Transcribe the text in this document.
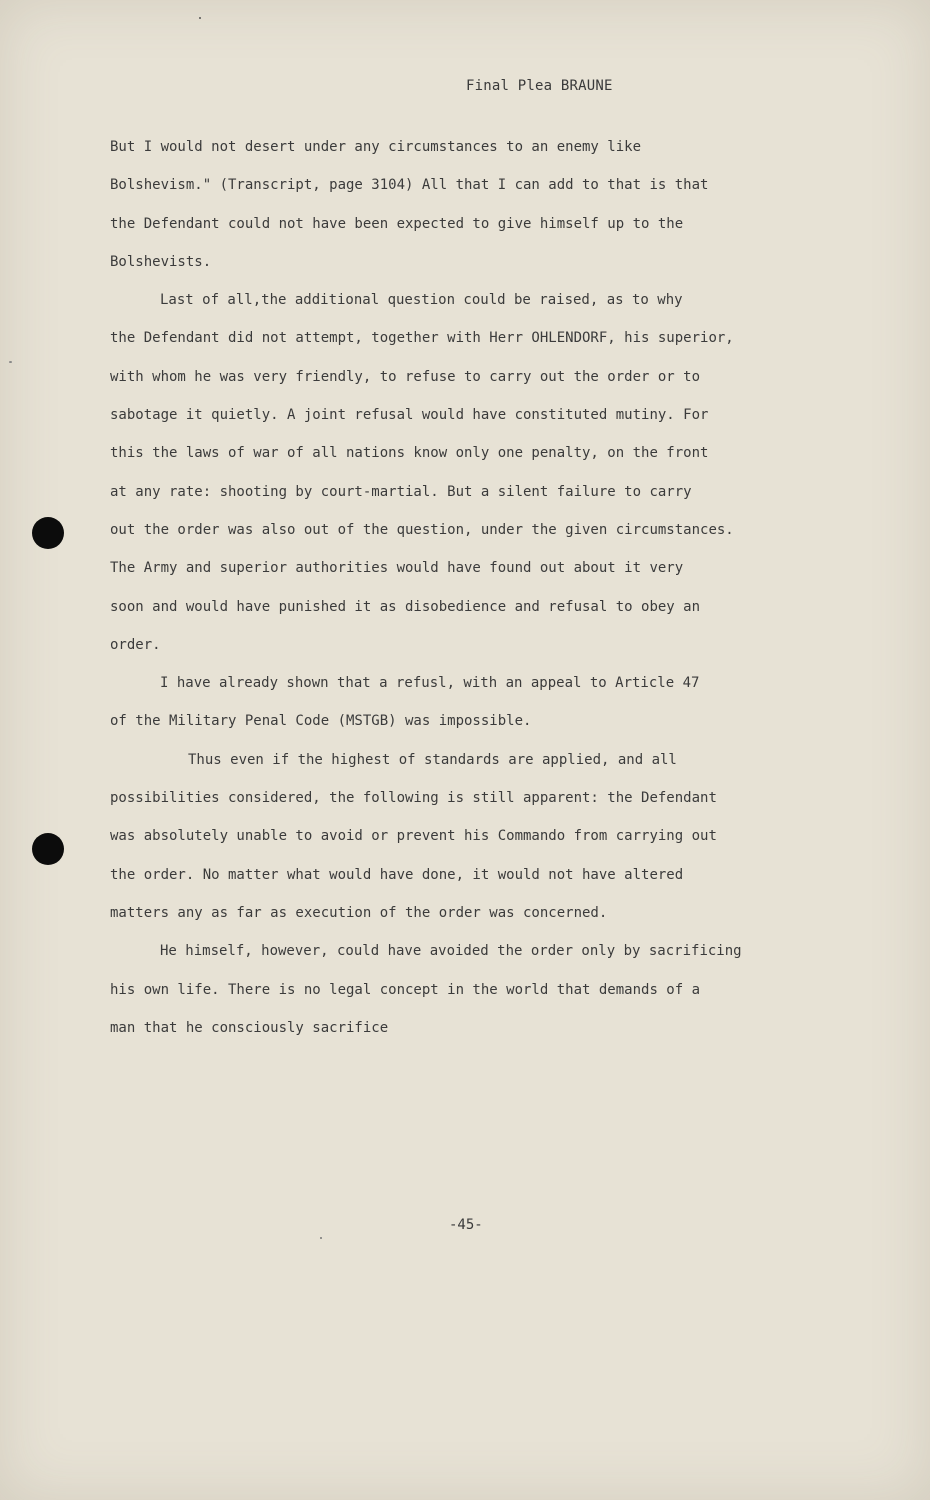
Final Plea BRAUNE
But I would not desert under any circumstances to an enemy like
Bolshevism." (Transcript, page 3104) All that I can add to that is that
the Defendant could not have been expected to give himself up to the
Bolshevists.
Last of all,the additional question could be raised, as to why
the Defendant did not attempt, together with Herr OHLENDORF, his superior,
with whom he was very friendly, to refuse to carry out the order or to
sabotage it quietly. A joint refusal would have constituted mutiny. For
this the laws of war of all nations know only one penalty, on the front
at any rate: shooting by court-martial. But a silent failure to carry
out the order was also out of the question, under the given circumstances.
The Army and superior authorities would have found out about it very
soon and would have punished it as disobedience and refusal to obey an
order.
I have already shown that a refusl, with an appeal to Article 47
of the Military Penal Code (MSTGB) was impossible.
Thus even if the highest of standards are applied, and all
possibilities considered, the following is still apparent: the Defendant
was absolutely unable to avoid or prevent his Commando from carrying out
the order. No matter what would have done, it would not have altered
matters any as far as execution of the order was concerned.
He himself, however, could have avoided the order only by sacrificing
his own life. There is no legal concept in the world that demands of a
man that he consciously sacrifice
-45-
